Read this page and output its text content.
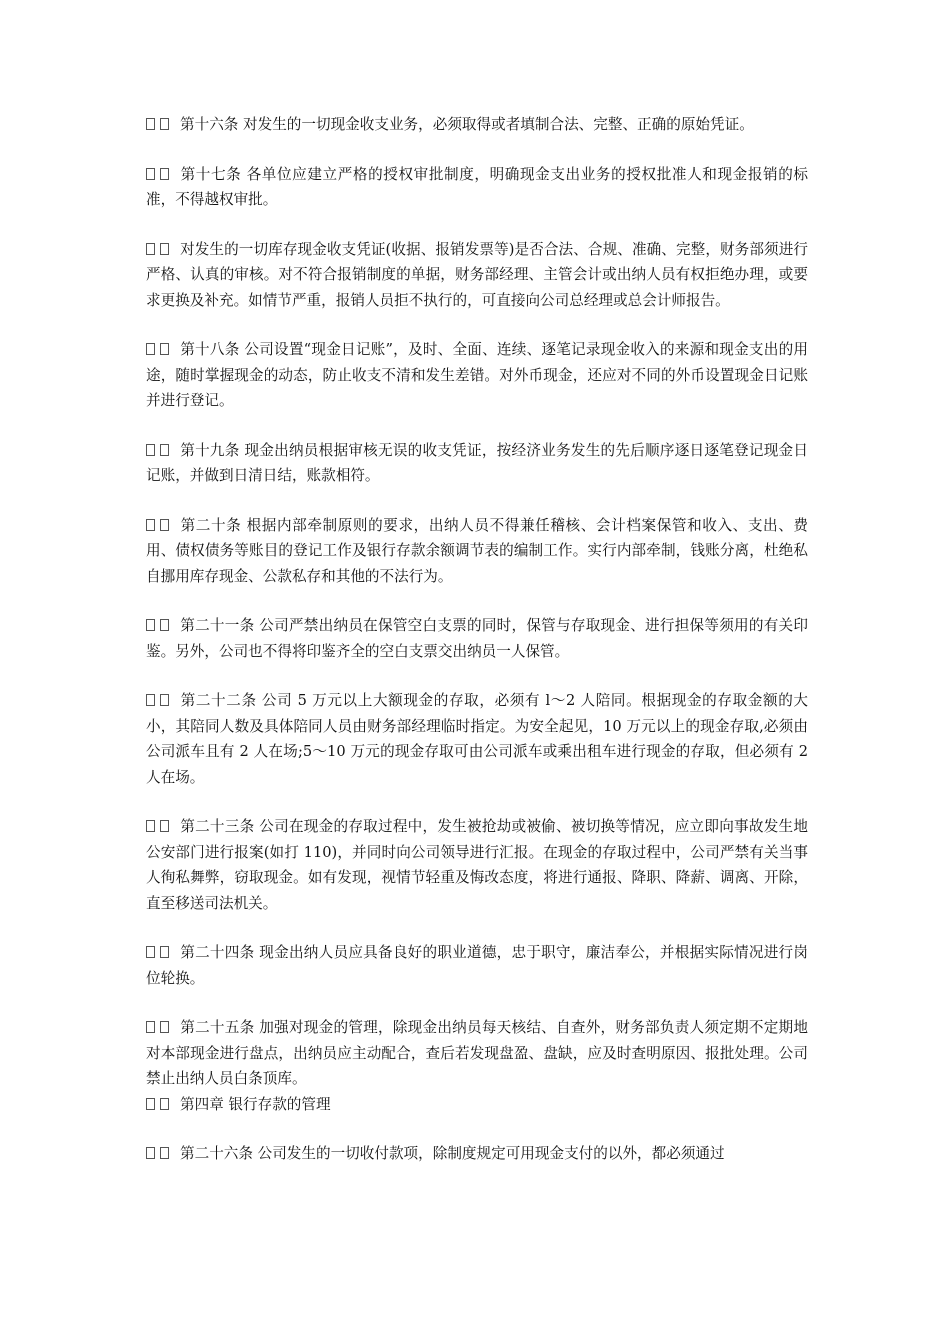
第十六条 对发生的一切现金收支业务，必须取得或者填制合法、完整、正确的原始凭证。

第十七条 各单位应建立严格的授权审批制度，明确现金支出业务的授权批准人和现金报销的标准，不得越权审批。

对发生的一切库存现金收支凭证(收据、报销发票等)是否合法、合规、准确、完整，财务部须进行严格、认真的审核。对不符合报销制度的单据，财务部经理、主管会计或出纳人员有权拒绝办理，或要求更换及补充。如情节严重，报销人员拒不执行的，可直接向公司总经理或总会计师报告。

第十八条 公司设置“现金日记账”，及时、全面、连续、逐笔记录现金收入的来源和现金支出的用途，随时掌握现金的动态，防止收支不清和发生差错。对外币现金，还应对不同的外币设置现金日记账并进行登记。

第十九条 现金出纳员根据审核无误的收支凭证，按经济业务发生的先后顺序逐日逐笔登记现金日记账，并做到日清日结，账款相符。

第二十条 根据内部牵制原则的要求，出纳人员不得兼任稽核、会计档案保管和收入、支出、费用、债权债务等账目的登记工作及银行存款余额调节表的编制工作。实行内部牵制，钱账分离，杜绝私自挪用库存现金、公款私存和其他的不法行为。

第二十一条 公司严禁出纳员在保管空白支票的同时，保管与存取现金、进行担保等须用的有关印鉴。另外，公司也不得将印鉴齐全的空白支票交出纳员一人保管。

第二十二条 公司 5 万元以上大额现金的存取，必须有 l～2 人陪同。根据现金的存取金额的大小，其陪同人数及具体陪同人员由财务部经理临时指定。为安全起见，10 万元以上的现金存取,必须由公司派车且有 2 人在场;5～10 万元的现金存取可由公司派车或乘出租车进行现金的存取，但必须有 2 人在场。

第二十三条 公司在现金的存取过程中，发生被抢劫或被偷、被切换等情况，应立即向事故发生地公安部门进行报案(如打 110)，并同时向公司领导进行汇报。在现金的存取过程中，公司严禁有关当事人徇私舞弊，窃取现金。如有发现，视情节轻重及悔改态度，将进行通报、降职、降薪、调离、开除，直至移送司法机关。

第二十四条 现金出纳人员应具备良好的职业道德，忠于职守，廉洁奉公，并根据实际情况进行岗位轮换。

第二十五条 加强对现金的管理，除现金出纳员每天核结、自查外，财务部负责人须定期不定期地对本部现金进行盘点，出纳员应主动配合，查后若发现盘盈、盘缺，应及时查明原因、报批处理。公司禁止出纳人员白条顶库。

第四章 银行存款的管理

第二十六条 公司发生的一切收付款项，除制度规定可用现金支付的以外，都必须通过
